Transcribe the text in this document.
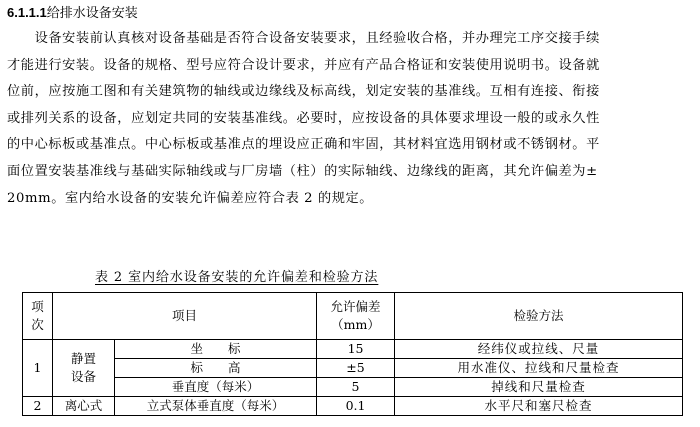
6.1.1.1给排水设备安装
　　设备安装前认真核对设备基础是否符合设备安装要求，且经验收合格，并办理完工序交接手续
才能进行安装。设备的规格、型号应符合设计要求，并应有产品合格证和安装使用说明书。设备就
位前，应按施工图和有关建筑物的轴线或边缘线及标高线，划定安装的基准线。互相有连接、衔接
或排列关系的设备，应划定共同的安装基准线。必要时，应按设备的具体要求埋设一般的或永久性
的中心标板或基准点。中心标板或基准点的埋设应正确和牢固，其材料宜选用钢材或不锈钢材。平
面位置安装基准线与基础实际轴线或与厂房墙（柱）的实际轴线、边缘线的距离，其允许偏差为±
20mm。室内给水设备的安装允许偏差应符合表 2 的规定。
表 2 室内给水设备安装的允许偏差和检验方法
项次	项目		允许偏差（mm）	检验方法
1	静置设备	坐　　标	15	经纬仪或拉线、尺量
		标　　高	±5	用水准仪、拉线和尺量检查
		垂直度（每米）	5	掉线和尺量检查
2	离心式	立式泵体垂直度（每米）	0.1	水平尺和塞尺检查
